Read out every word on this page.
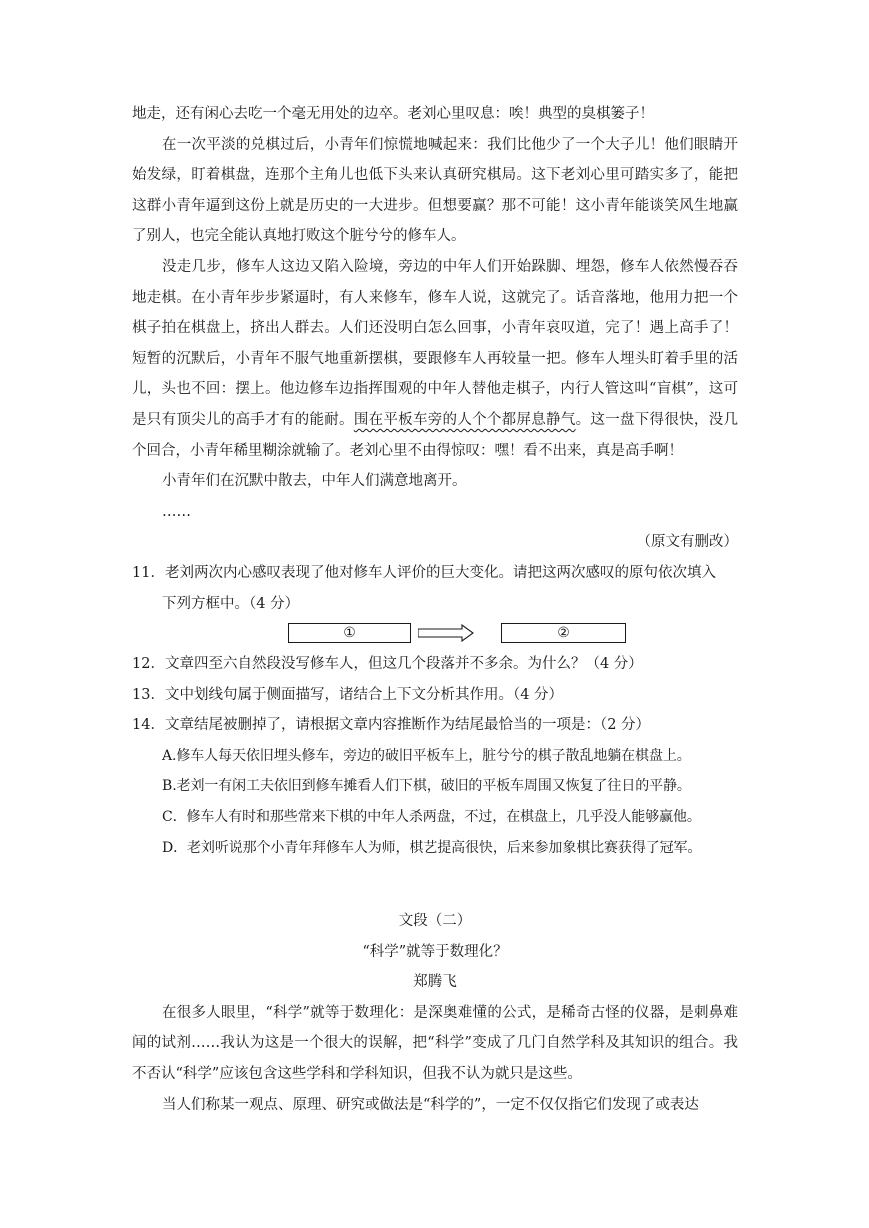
地走，还有闲心去吃一个毫无用处的边卒。老刘心里叹息：唉！典型的臭棋篓子！

在一次平淡的兑棋过后，小青年们惊慌地喊起来：我们比他少了一个大子儿！他们眼睛开始发绿，盯着棋盘，连那个主角儿也低下头来认真研究棋局。这下老刘心里可踏实多了，能把这群小青年逼到这份上就是历史的一大进步。但想要赢？那不可能！这小青年能谈笑风生地赢了别人，也完全能认真地打败这个脏兮兮的修车人。

没走几步，修车人这边又陷入险境，旁边的中年人们开始跺脚、埋怨，修车人依然慢吞吞地走棋。在小青年步步紧逼时，有人来修车，修车人说，这就完了。话音落地，他用力把一个棋子拍在棋盘上，挤出人群去。人们还没明白怎么回事，小青年哀叹道，完了！遇上高手了！短暂的沉默后，小青年不服气地重新摆棋，要跟修车人再较量一把。修车人埋头盯着手里的活儿，头也不回：摆上。他边修车边指挥围观的中年人替他走棋子，内行人管这叫“盲棋”，这可是只有顶尖儿的高手才有的能耐。围在平板车旁的人个个都屏息静气。这一盘下得很快，没几个回合，小青年稀里糊涂就输了。老刘心里不由得惊叹：嘿！看不出来，真是高手啊！

小青年们在沉默中散去，中年人们满意地离开。

……

（原文有删改）

11．老刘两次内心感叹表现了他对修车人评价的巨大变化。请把这两次感叹的原句依次填入

下列方框中。（4 分）

①	②

12．文章四至六自然段没写修车人，但这几个段落并不多余。为什么？（4 分）

13．文中划线句属于侧面描写，诸结合上下文分析其作用。（4 分）

14．文章结尾被删掉了，请根据文章内容推断作为结尾最恰当的一项是：（2 分）

A.修车人每天依旧埋头修车，旁边的破旧平板车上，脏兮兮的棋子散乱地躺在棋盘上。

B.老刘一有闲工夫依旧到修车摊看人们下棋，破旧的平板车周围又恢复了往日的平静。

C．修车人有时和那些常来下棋的中年人杀两盘，不过，在棋盘上，几乎没人能够赢他。

D．老刘听说那个小青年拜修车人为师，棋艺提高很快，后来参加象棋比赛获得了冠军。

文段（二）

“科学”就等于数理化？

郑腾飞

在很多人眼里，“科学”就等于数理化：是深奥难懂的公式，是稀奇古怪的仪器，是刺鼻难闻的试剂……我认为这是一个很大的误解，把“科学”变成了几门自然学科及其知识的组合。我不否认“科学”应该包含这些学科和学科知识，但我不认为就只是这些。

当人们称某一观点、原理、研究或做法是“科学的”，一定不仅仅指它们发现了或表达
